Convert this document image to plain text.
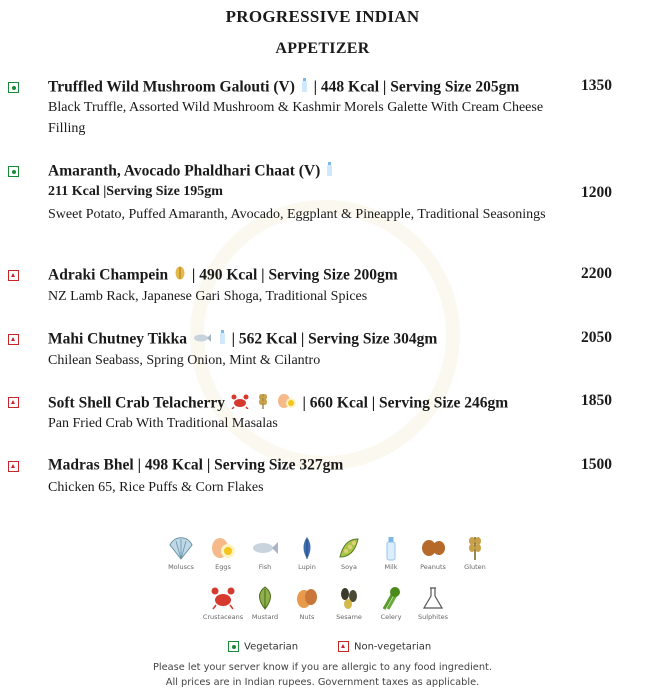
PROGRESSIVE INDIAN
APPETIZER
Truffled Wild Mushroom Galouti (V) | 448 Kcal | Serving Size 205gm	1350
Black Truffle, Assorted Wild Mushroom & Kashmir Morels Galette With Cream Cheese Filling
Amaranth, Avocado Phaldhari Chaat (V)
211 Kcal |Serving Size 195gm	1200
Sweet Potato, Puffed Amaranth, Avocado, Eggplant & Pineapple, Traditional Seasonings
Adraki Champein | 490 Kcal | Serving Size 200gm	2200
NZ Lamb Rack, Japanese Gari Shoga, Traditional Spices
Mahi Chutney Tikka	| 562 Kcal | Serving Size 304gm	2050
Chilean Seabass, Spring Onion, Mint & Cilantro
Soft Shell Crab Telacherry	| 660 Kcal | Serving Size 246gm	1850
Pan Fried Crab With Traditional Masalas
Madras Bhel | 498 Kcal | Serving Size 327gm	1500
Chicken 65, Rice Puffs & Corn Flakes
Moluscs	Eggs	Fish	Lupin	Soya	Milk	Peanuts	Gluten
Crustaceans	Mustard	Nuts	Sesame	Celery	Sulphites
Vegetarian	Non-vegetarian
Please let your server know if you are allergic to any food ingredient.
All prices are in Indian rupees. Government taxes as applicable.
